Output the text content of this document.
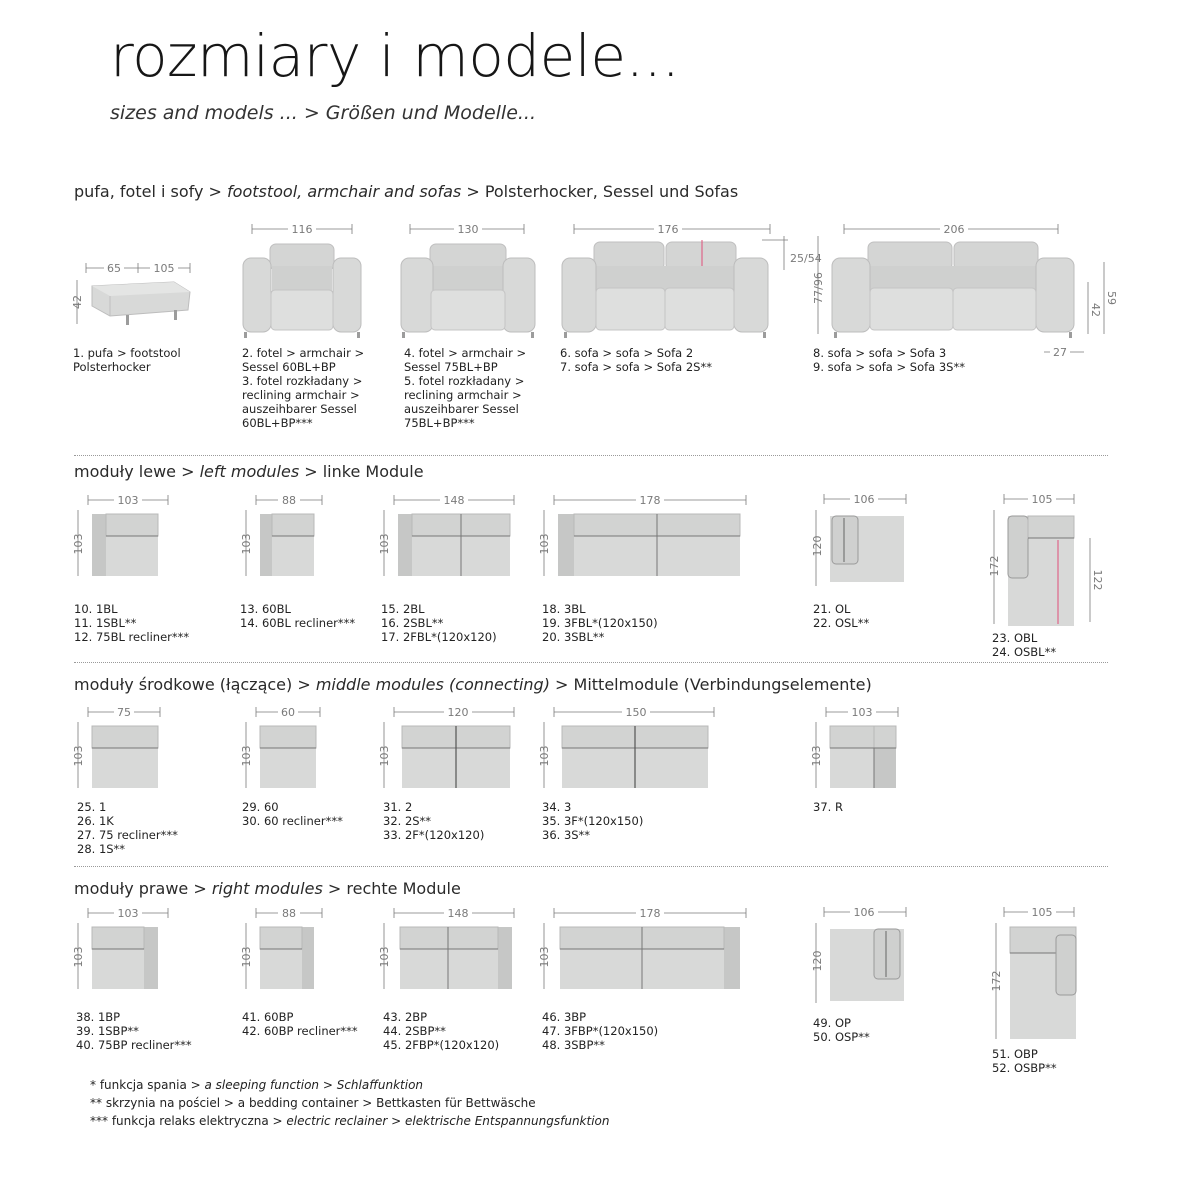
rozmiary i modele...
sizes and models ... > Größen und Modelle...
pufa, fotel i sofy > footstool, armchair and sofas > Polsterhocker, Sessel und Sofas
65	105
42
1. pufa > footstool
Polsterhocker
116
2. fotel > armchair >
Sessel 60BL+BP
3. fotel rozkładany >
reclining armchair >
auszeihbarer Sessel
60BL+BP***
130
4. fotel > armchair >
Sessel 75BL+BP
5. fotel rozkładany >
reclining armchair >
auszeihbarer Sessel
75BL+BP***
176
25/54
6. sofa > sofa > Sofa 2
7. sofa > sofa > Sofa 2S**
206
77/96	59
42
27
8. sofa > sofa > Sofa 3
9. sofa > sofa > Sofa 3S**
moduły lewe > left modules > linke Module
103
103
10. 1BL
11. 1SBL**
12. 75BL recliner***
88
103
13. 60BL
14. 60BL recliner***
148
103
15. 2BL
16. 2SBL**
17. 2FBL*(120x120)
178
103
18. 3BL
19. 3FBL*(120x150)
20. 3SBL**
106
120
21. OL
22. OSL**
105
172
122
23. OBL
24. OSBL**
moduły środkowe (łączące) > middle modules (connecting) > Mittelmodule (Verbindungselemente)
75
103
25. 1
26. 1K
27. 75 recliner***
28. 1S**
60
103
29. 60
30. 60 recliner***
120
103
31. 2
32. 2S**
33. 2F*(120x120)
150
103
34. 3
35. 3F*(120x150)
36. 3S**
103
103
37. R
moduły prawe > right modules > rechte Module
103
103
38. 1BP
39. 1SBP**
40. 75BP recliner***
88
103
41. 60BP
42. 60BP recliner***
148
103
43. 2BP
44. 2SBP**
45. 2FBP*(120x120)
178
103
46. 3BP
47. 3FBP*(120x150)
48. 3SBP**
106
120
49. OP
50. OSP**
105
172
51. OBP
52. OSBP**
* funkcja spania > a sleeping function > Schlaffunktion
** skrzynia na pościel > a bedding container > Bettkasten für Bettwäsche
*** funkcja relaks elektryczna > electric reclainer > elektrische Entspannungsfunktion
